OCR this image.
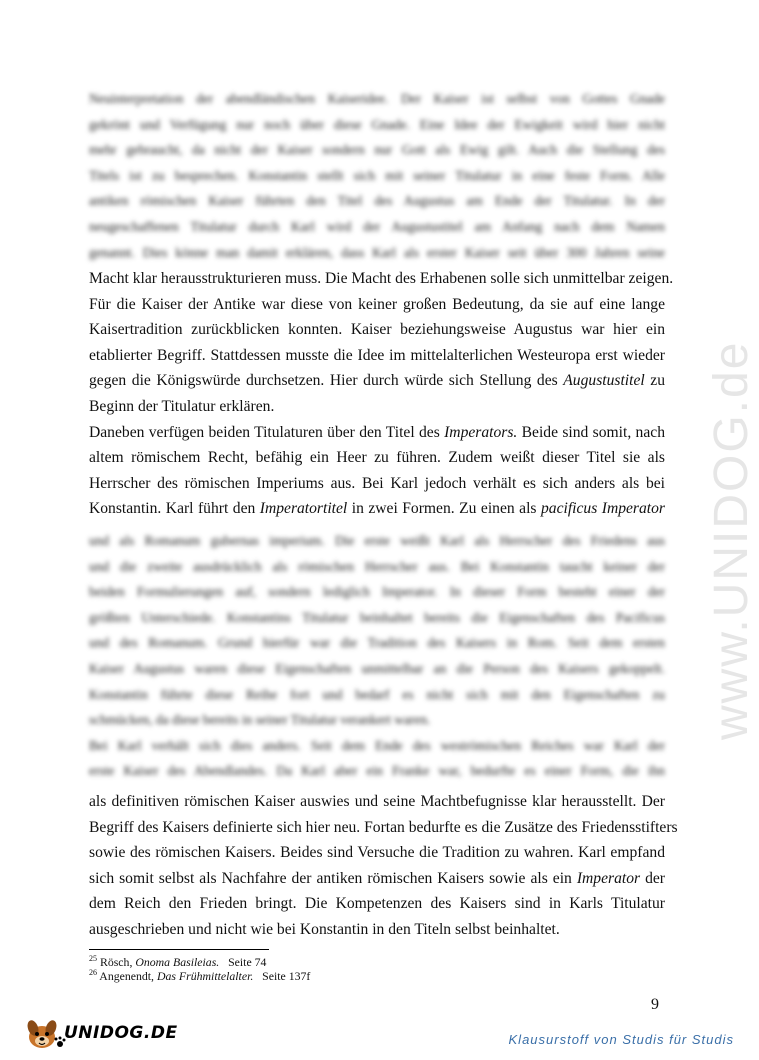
www.UNIDOG.de
Neuinterpretation der abendländischen Kaiseridee. Der Kaiser ist selbst von Gottes Gnade
gekrönt und Verfügung nur noch über diese Gnade. Eine Idee der Ewigkeit wird hier nicht
mehr gebraucht, da nicht der Kaiser sondern nur Gott als Ewig gilt. Auch die Stellung des
Titels ist zu besprechen. Konstantin stellt sich mit seiner Titulatur in eine feste Form. Alle
antiken römischen Kaiser führten den Titel des Augustus am Ende der Titulatur. In der
neugeschaffenen Titulatur durch Karl wird der Augustustitel am Anfang nach dem Namen
genannt. Dies könne man damit erklären, dass Karl als erster Kaiser seit über 300 Jahren seine
Macht klar herausstrukturieren muss. Die Macht des Erhabenen solle sich unmittelbar zeigen.
Für die Kaiser der Antike war diese von keiner großen Bedeutung, da sie auf eine lange
Kaisertradition zurückblicken konnten. Kaiser beziehungsweise Augustus war hier ein
etablierter Begriff. Stattdessen musste die Idee im mittelalterlichen Westeuropa erst wieder
gegen die Königswürde durchsetzen. Hier durch würde sich Stellung des Augustustitel zu
Beginn der Titulatur erklären.
Daneben verfügen beiden Titulaturen über den Titel des Imperators. Beide sind somit, nach
altem römischem Recht, befähig ein Heer zu führen. Zudem weißt dieser Titel sie als
Herrscher des römischen Imperiums aus. Bei Karl jedoch verhält es sich anders als bei
Konstantin. Karl führt den Imperatortitel in zwei Formen. Zu einen als pacificus Imperator
und als Romanum gubernas imperium. Die erste weißt Karl als Herrscher des Friedens aus
und die zweite ausdrücklich als römischen Herrscher aus. Bei Konstantin taucht keiner der
beiden Formulierungen auf, sondern lediglich Imperator. In dieser Form besteht einer der
größten Unterschiede. Konstantins Titulatur beinhaltet bereits die Eigenschaften des Pacificus
und des Romanum. Grund hierfür war die Tradition des Kaisers in Rom. Seit dem ersten
Kaiser Augustus waren diese Eigenschaften unmittelbar an die Person des Kaisers gekoppelt.
Konstantin führte diese Reihe fort und bedarf es nicht sich mit den Eigenschaften zu
schmücken, da diese bereits in seiner Titulatur verankert waren.
Bei Karl verhält sich dies anders. Seit dem Ende des weströmischen Reiches war Karl der
erste Kaiser des Abendlandes. Da Karl aber ein Franke war, bedurfte es einer Form, die ihn
als definitiven römischen Kaiser auswies und seine Machtbefugnisse klar herausstellt. Der
Begriff des Kaisers definierte sich hier neu. Fortan bedurfte es die Zusätze des Friedensstifters
sowie des römischen Kaisers. Beides sind Versuche die Tradition zu wahren. Karl empfand
sich somit selbst als Nachfahre der antiken römischen Kaisers sowie als ein Imperator der
dem Reich den Frieden bringt. Die Kompetenzen des Kaisers sind in Karls Titulatur
ausgeschrieben und nicht wie bei Konstantin in den Titeln selbst beinhaltet.
$^{25}$ Rösch, Onoma Basileias. Seite 74
$^{26}$ Angenendt, Das Frühmittelalter. Seite 137f
9
UNIDOG.DE	Klausurstoff von Studis für Studis
